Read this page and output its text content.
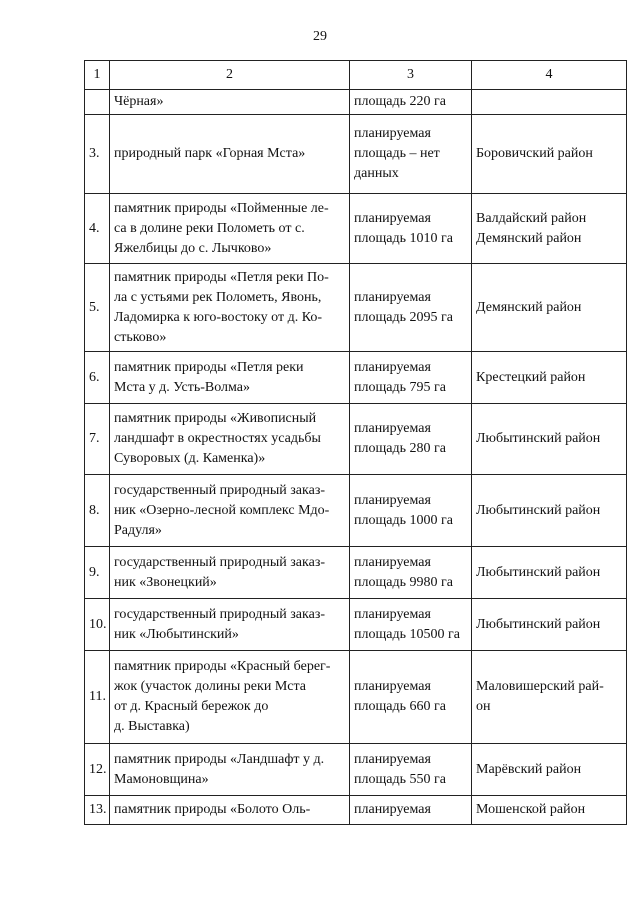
29
1	2	3	4

	Чёрная»	площадь 220 га	

3.	природный парк «Горная Мста»	планируемая
площадь – нет
данных	Боровичский район

4.	памятник природы «Пойменные ле-
са в долине реки Полометь от с.
Яжелбицы до с. Лычково»	планируемая
площадь 1010 га	Валдайский район
Демянский район

5.	памятник природы «Петля реки По-
ла с устьями рек Полометь, Явонь,
Ладомирка к юго-востоку от д. Ко-
стьково»	планируемая
площадь 2095 га	Демянский район

6.	памятник природы «Петля реки
Мста у д. Усть-Волма»	планируемая
площадь 795 га	Крестецкий район

7.	памятник природы «Живописный
ландшафт в окрестностях усадьбы
Суворовых (д. Каменка)»	планируемая
площадь 280 га	Любытинский район

8.	государственный природный заказ-
ник «Озерно-лесной комплекс Мдо-
Радуля»	планируемая
площадь 1000 га	Любытинский район

9.	государственный природный заказ-
ник «Звонецкий»	планируемая
площадь 9980 га	Любытинский район

10.	государственный природный заказ-
ник «Любытинский»	планируемая
площадь 10500 га	Любытинский район

11.	памятник природы «Красный берег-
жок (участок долины реки Мста
от д. Красный бережок до
д. Выставка)	планируемая
площадь 660 га	Маловишерский рай-
он

12.	памятник природы «Ландшафт у д.
Мамоновщина»	планируемая
площадь 550 га	Марёвский район

13.	памятник природы «Болото Оль-	планируемая	Мошенской район
